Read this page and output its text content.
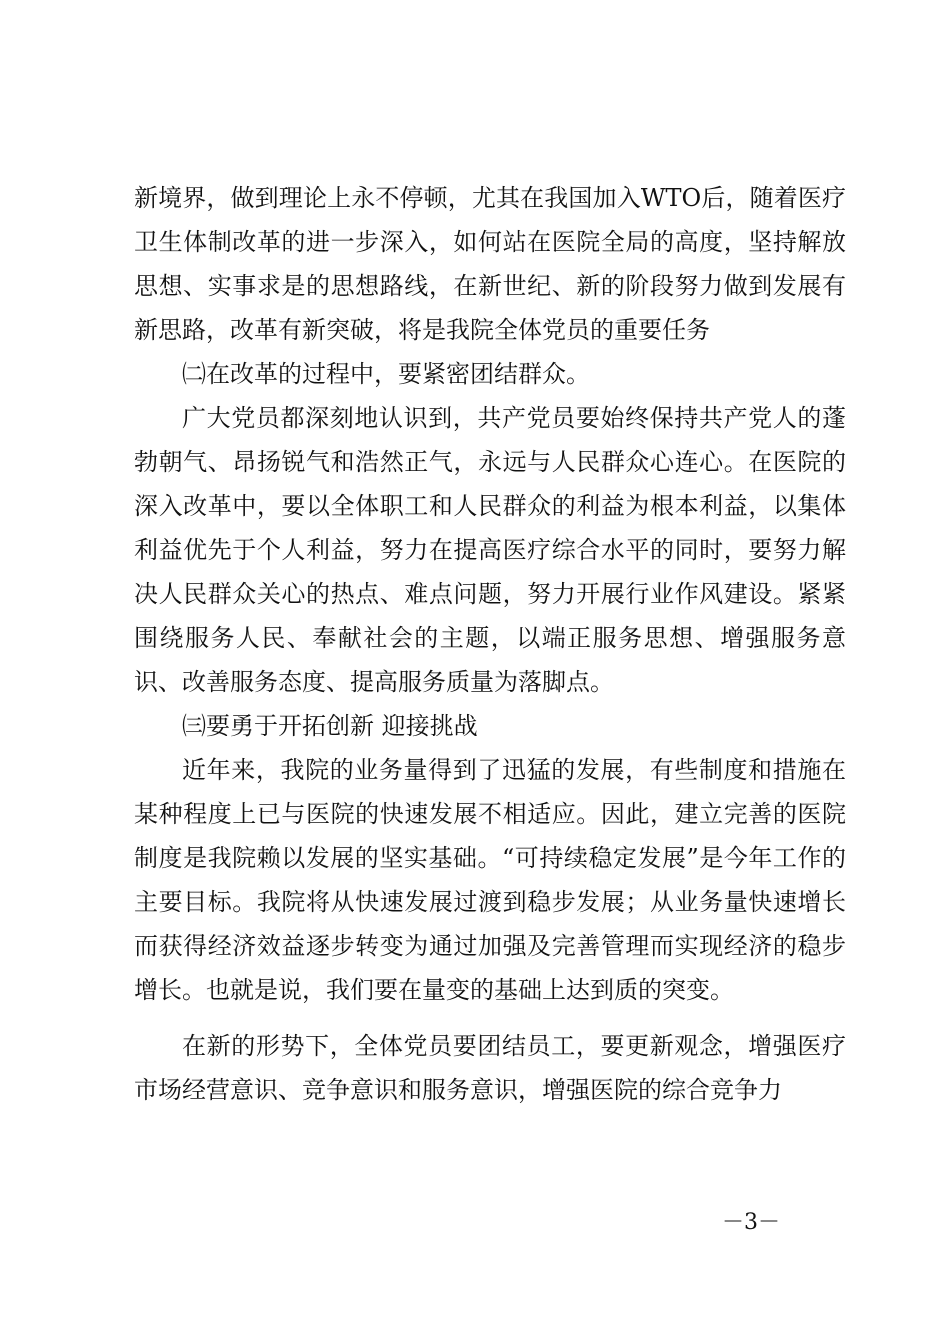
新境界，做到理论上永不停顿，尤其在我国加入WTO后，随着医疗卫生体制改革的进一步深入，如何站在医院全局的高度，坚持解放思想、实事求是的思想路线，在新世纪、新的阶段努力做到发展有新思路，改革有新突破，将是我院全体党员的重要任务

㈡在改革的过程中，要紧密团结群众。

广大党员都深刻地认识到，共产党员要始终保持共产党人的蓬勃朝气、昂扬锐气和浩然正气，永远与人民群众心连心。在医院的深入改革中，要以全体职工和人民群众的利益为根本利益，以集体利益优先于个人利益，努力在提高医疗综合水平的同时，要努力解决人民群众关心的热点、难点问题，努力开展行业作风建设。紧紧围绕服务人民、奉献社会的主题，以端正服务思想、增强服务意识、改善服务态度、提高服务质量为落脚点。

㈢要勇于开拓创新 迎接挑战

近年来，我院的业务量得到了迅猛的发展，有些制度和措施在某种程度上已与医院的快速发展不相适应。因此，建立完善的医院制度是我院赖以发展的坚实基础。“可持续稳定发展”是今年工作的主要目标。我院将从快速发展过渡到稳步发展；从业务量快速增长而获得经济效益逐步转变为通过加强及完善管理而实现经济的稳步增长。也就是说，我们要在量变的基础上达到质的突变。

在新的形势下，全体党员要团结员工，要更新观念，增强医疗市场经营意识、竞争意识和服务意识，增强医院的综合竞争力

－3－
